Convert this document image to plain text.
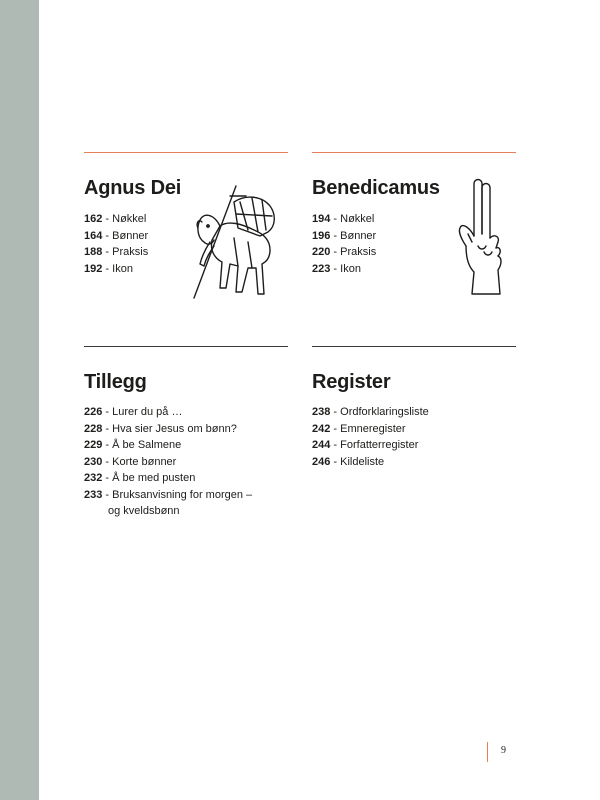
Agnus Dei
162 - Nøkkel
164 - Bønner
188 - Praksis
192 - Ikon
Benedicamus
194 - Nøkkel
196 - Bønner
220 - Praksis
223 - Ikon
Tillegg
226 - Lurer du på …
228 - Hva sier Jesus om bønn?
229 - Å be Salmene
230 - Korte bønner
232 - Å be med pusten
233 - Bruksanvisning for morgen –
og kveldsbønn
Register
238 - Ordforklaringsliste
242 - Emneregister
244 - Forfatterregister
246 - Kildeliste
9
